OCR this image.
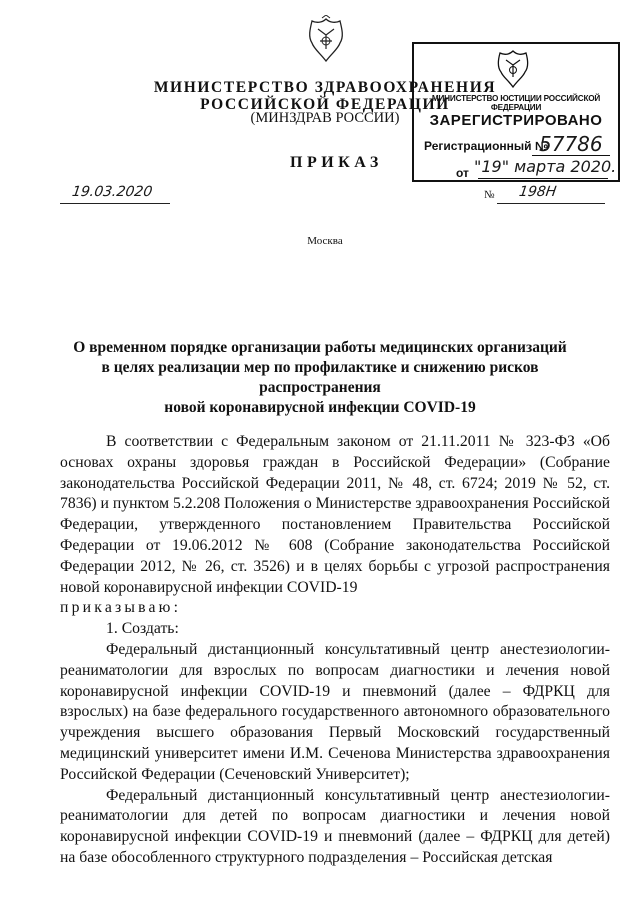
МИНИСТЕРСТВО ЗДРАВООХРАНЕНИЯ
РОССИЙСКОЙ ФЕДЕРАЦИИ
(МИНЗДРАВ РОССИИ)
МИНИСТЕРСТВО ЮСТИЦИИ РОССИЙСКОЙ ФЕДЕРАЦИИ
ЗАРЕГИСТРИРОВАНО
Регистрационный №
57786
от "19" марта 2020.
ПРИКАЗ
19.03.2020	№ 198Н
Москва
О временном порядке организации работы медицинских организаций
в целях реализации мер по профилактике и снижению рисков распространения
новой коронавирусной инфекции COVID-19

В соответствии с Федеральным законом от 21.11.2011 № 323-ФЗ «Об основах охраны здоровья граждан в Российской Федерации» (Собрание законодательства Российской Федерации 2011, № 48, ст. 6724; 2019 № 52, ст. 7836) и пунктом 5.2.208 Положения о Министерстве здравоохранения Российской Федерации, утвержденного постановлением Правительства Российской Федерации от 19.06.2012 № 608 (Собрание законодательства Российской Федерации 2012, № 26, ст. 3526) и в целях борьбы с угрозой распространения новой коронавирусной инфекции COVID-19

приказываю:

1. Создать:

Федеральный дистанционный консультативный центр анестезиологии-реаниматологии для взрослых по вопросам диагностики и лечения новой коронавирусной инфекции COVID-19 и пневмоний (далее – ФДРКЦ для взрослых) на базе федерального государственного автономного образовательного учреждения высшего образования Первый Московский государственный медицинский университет имени И.М. Сеченова Министерства здравоохранения Российской Федерации (Сеченовский Университет);

Федеральный дистанционный консультативный центр анестезиологии-реаниматологии для детей по вопросам диагностики и лечения новой коронавирусной инфекции COVID-19 и пневмоний (далее – ФДРКЦ для детей) на базе обособленного структурного подразделения – Российская детская
